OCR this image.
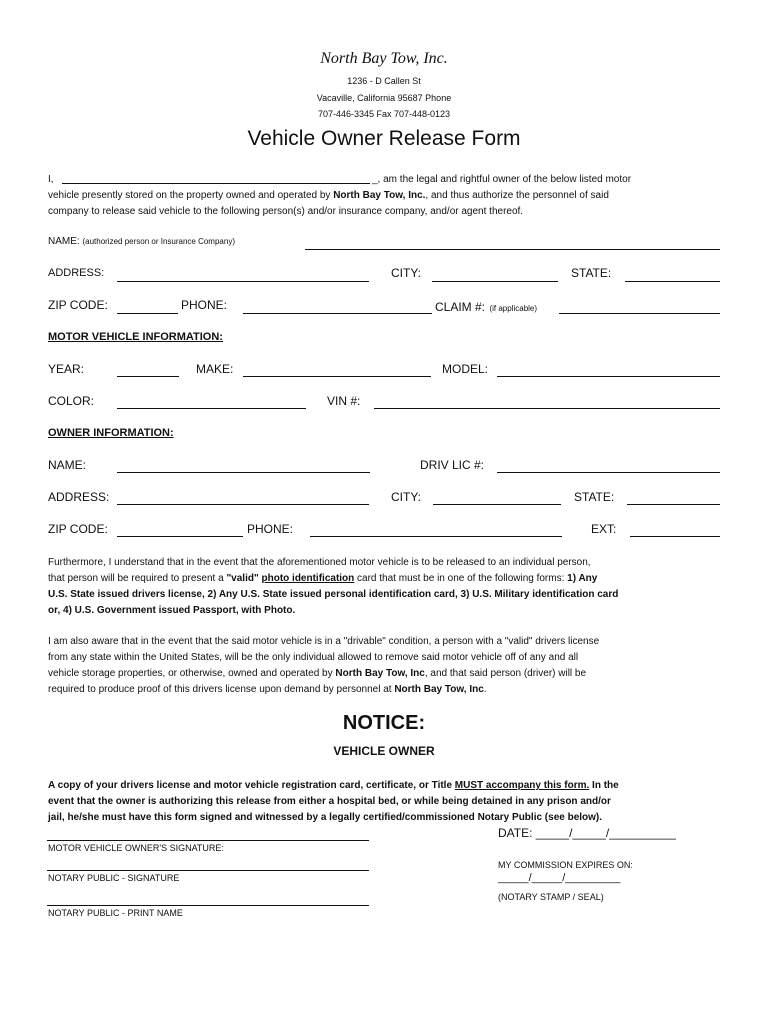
North Bay Tow, Inc.
1236 - D Callen St
Vacaville, California 95687 Phone
707-446-3345 Fax 707-448-0123
Vehicle Owner Release Form
I,	_, am the legal and rightful owner of the below listed motor
vehicle presently stored on the property owned and operated by North Bay Tow, Inc., and thus authorize the personnel of said
company to release said vehicle to the following person(s) and/or insurance company, and/or agent thereof.
NAME: (authorized person or Insurance Company)
ADDRESS:	CITY:	STATE:
ZIP CODE:	PHONE:	CLAIM #: (if applicable)
MOTOR VEHICLE INFORMATION:
YEAR:	MAKE:	MODEL:
COLOR:	VIN #:
OWNER INFORMATION:
NAME:	DRIV LIC #:
ADDRESS:	CITY:	STATE:
ZIP CODE:	PHONE:	EXT:
Furthermore, I understand that in the event that the aforementioned motor vehicle is to be released to an individual person,
that person will be required to present a "valid" photo identification card that must be in one of the following forms: 1) Any
U.S. State issued drivers license, 2) Any U.S. State issued personal identification card, 3) U.S. Military identification card
or, 4) U.S. Government issued Passport, with Photo.
I am also aware that in the event that the said motor vehicle is in a "drivable" condition, a person with a "valid" drivers license
from any state within the United States, will be the only individual allowed to remove said motor vehicle off of any and all
vehicle storage properties, or otherwise, owned and operated by North Bay Tow, Inc, and that said person (driver) will be
required to produce proof of this drivers license upon demand by personnel at North Bay Tow, Inc.
NOTICE:
VEHICLE OWNER
A copy of your drivers license and motor vehicle registration card, certificate, or Title MUST accompany this form. In the
event that the owner is authorizing this release from either a hospital bed, or while being detained in any prison and/or
jail, he/she must have this form signed and witnessed by a legally certified/commissioned Notary Public (see below).
MOTOR VEHICLE OWNER'S SIGNATURE:
NOTARY PUBLIC - SIGNATURE
NOTARY PUBLIC - PRINT NAME
DATE: _____/_____/__________
MY COMMISSION EXPIRES ON:
_____/_____/_________
(NOTARY STAMP / SEAL)
